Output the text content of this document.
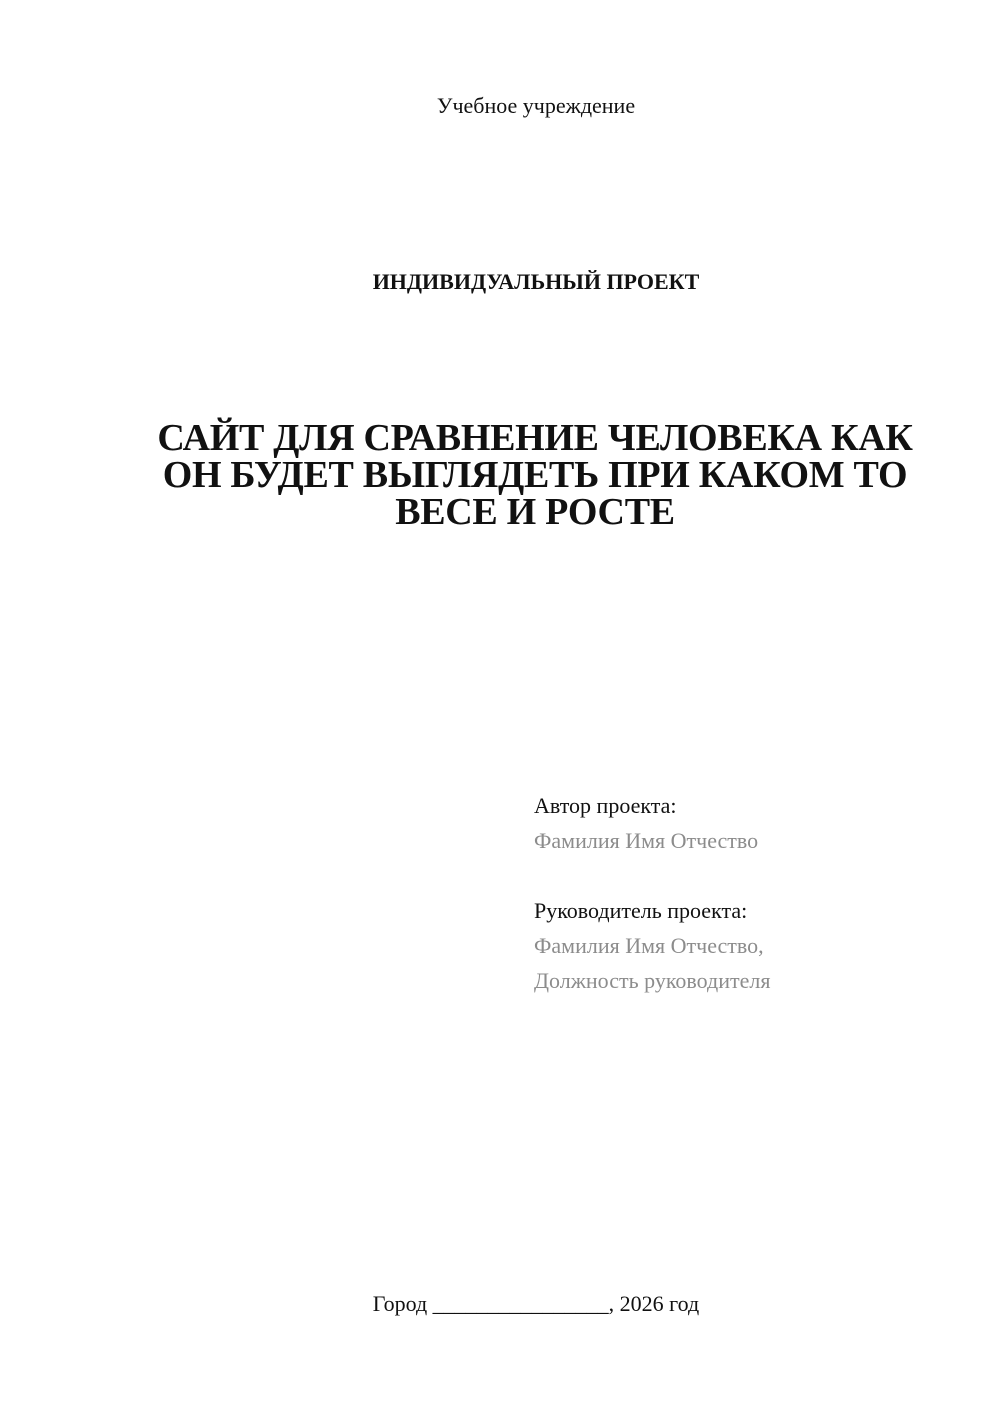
Учебное учреждение
ИНДИВИДУАЛЬНЫЙ ПРОЕКТ
САЙТ ДЛЯ СРАВНЕНИЕ ЧЕЛОВЕКА КАК
ОН БУДЕТ ВЫГЛЯДЕТЬ ПРИ КАКОМ ТО
ВЕСЕ И РОСТЕ
Автор проекта:
Фамилия Имя Отчество
Руководитель проекта:
Фамилия Имя Отчество,
Должность руководителя
Город ________________, 2026 год
